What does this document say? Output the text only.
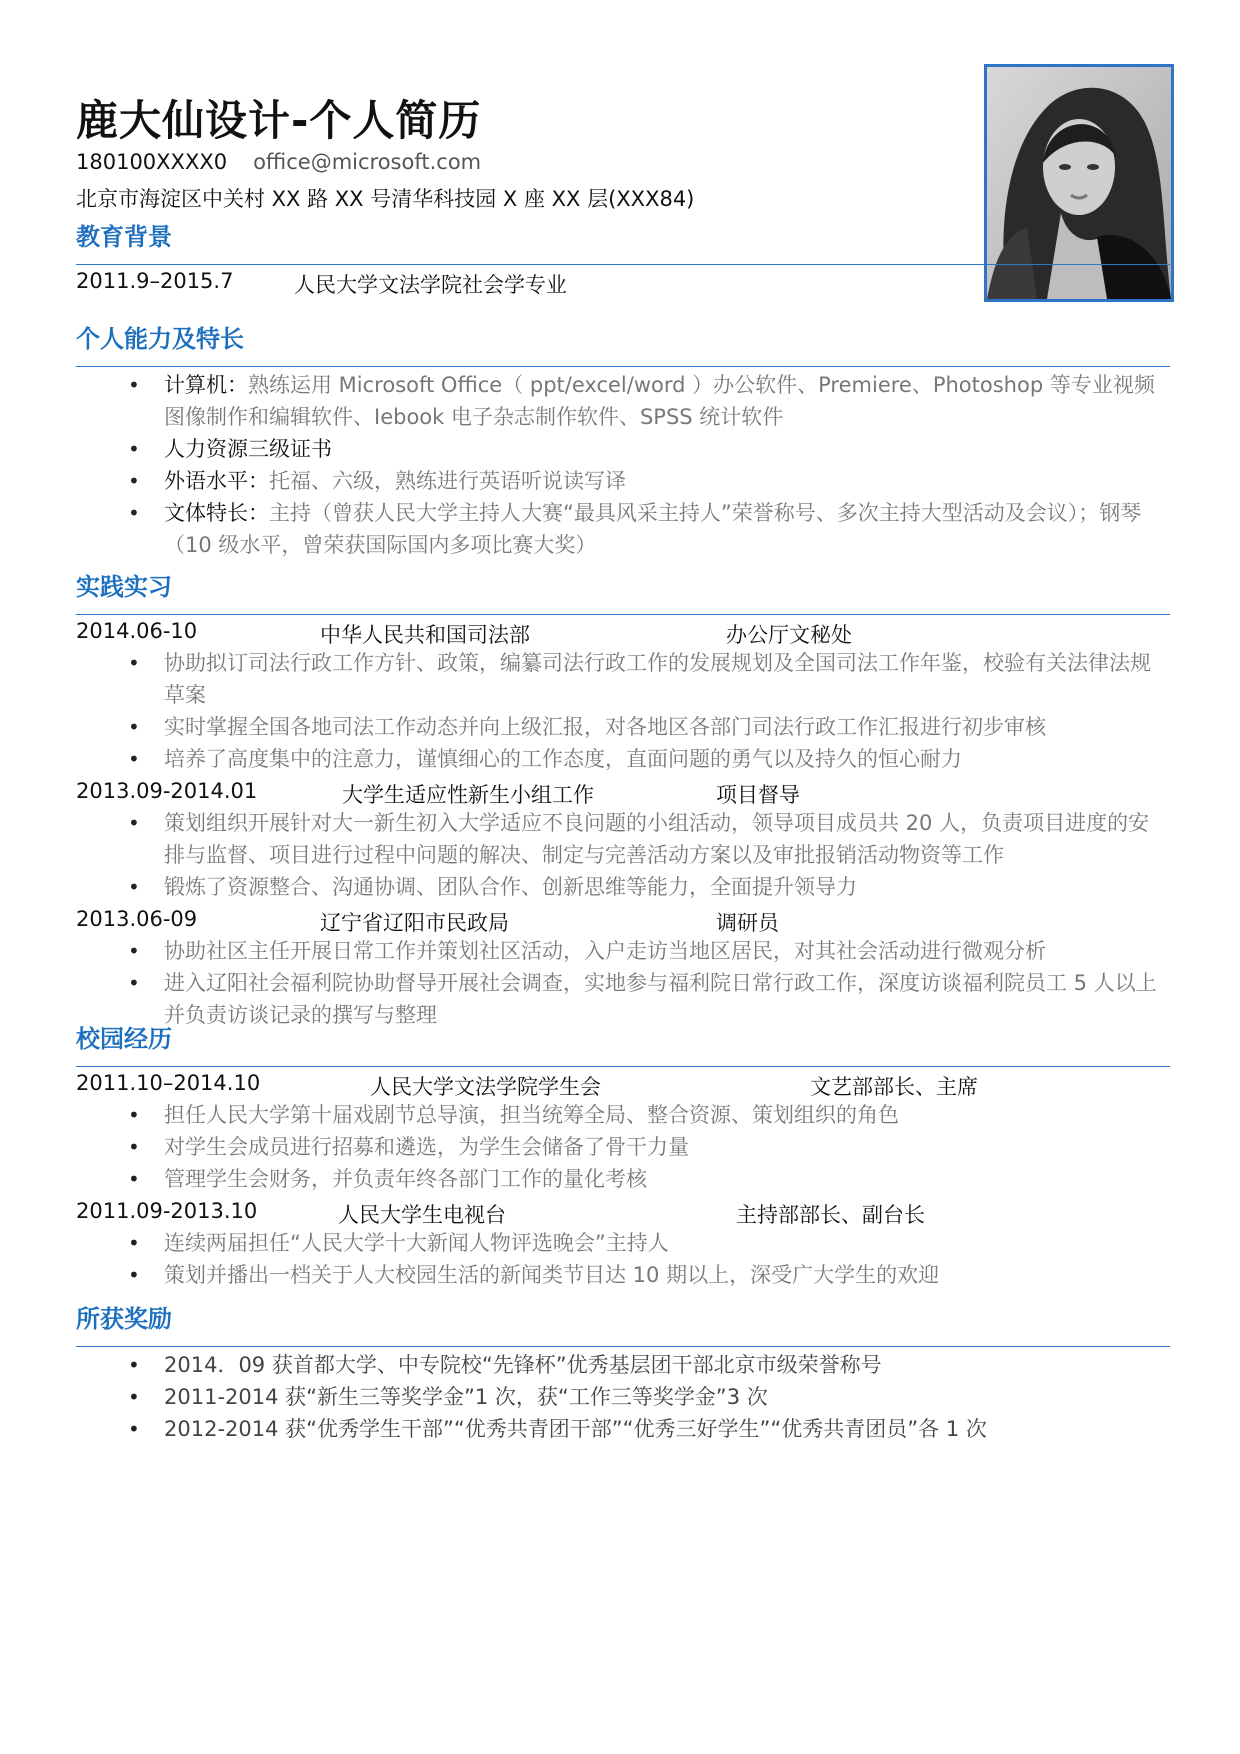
鹿大仙设计-个人简历
180100XXXX0 office@microsoft.com
北京市海淀区中关村 XX 路 XX 号清华科技园 X 座 XX 层(XXX84)
教育背景
2011.9–2015.7	人民大学文法学院社会学专业
个人能力及特长
• 计算机：熟练运用 Microsoft Office（ ppt/excel/word ）办公软件、Premiere、Photoshop 等专业视频图像制作和编辑软件、Iebook 电子杂志制作软件、SPSS 统计软件
• 人力资源三级证书
• 外语水平：托福、六级，熟练进行英语听说读写译
• 文体特长：主持（曾获人民大学主持人大赛“最具风采主持人”荣誉称号、多次主持大型活动及会议）；钢琴（10 级水平，曾荣获国际国内多项比赛大奖）
实践实习
2014.06-10	中华人民共和国司法部	办公厅文秘处
• 协助拟订司法行政工作方针、政策，编纂司法行政工作的发展规划及全国司法工作年鉴，校验有关法律法规草案
• 实时掌握全国各地司法工作动态并向上级汇报，对各地区各部门司法行政工作汇报进行初步审核
• 培养了高度集中的注意力，谨慎细心的工作态度，直面问题的勇气以及持久的恒心耐力
2013.09-2014.01	大学生适应性新生小组工作	项目督导
• 策划组织开展针对大一新生初入大学适应不良问题的小组活动，领导项目成员共 20 人，负责项目进度的安排与监督、项目进行过程中问题的解决、制定与完善活动方案以及审批报销活动物资等工作
• 锻炼了资源整合、沟通协调、团队合作、创新思维等能力，全面提升领导力
2013.06-09	辽宁省辽阳市民政局	调研员
• 协助社区主任开展日常工作并策划社区活动，入户走访当地区居民，对其社会活动进行微观分析
• 进入辽阳社会福利院协助督导开展社会调查，实地参与福利院日常行政工作，深度访谈福利院员工 5 人以上并负责访谈记录的撰写与整理
校园经历
2011.10–2014.10	人民大学文法学院学生会	文艺部部长、主席
• 担任人民大学第十届戏剧节总导演，担当统筹全局、整合资源、策划组织的角色
• 对学生会成员进行招募和遴选，为学生会储备了骨干力量
• 管理学生会财务，并负责年终各部门工作的量化考核
2011.09-2013.10	人民大学生电视台	主持部部长、副台长
• 连续两届担任“人民大学十大新闻人物评选晚会”主持人
• 策划并播出一档关于人大校园生活的新闻类节目达 10 期以上，深受广大学生的欢迎
所获奖励
• 2014．09 获首都大学、中专院校“先锋杯”优秀基层团干部北京市级荣誉称号
• 2011-2014 获“新生三等奖学金”1 次，获“工作三等奖学金”3 次
• 2012-2014 获“优秀学生干部”“优秀共青团干部”“优秀三好学生”“优秀共青团员”各 1 次
